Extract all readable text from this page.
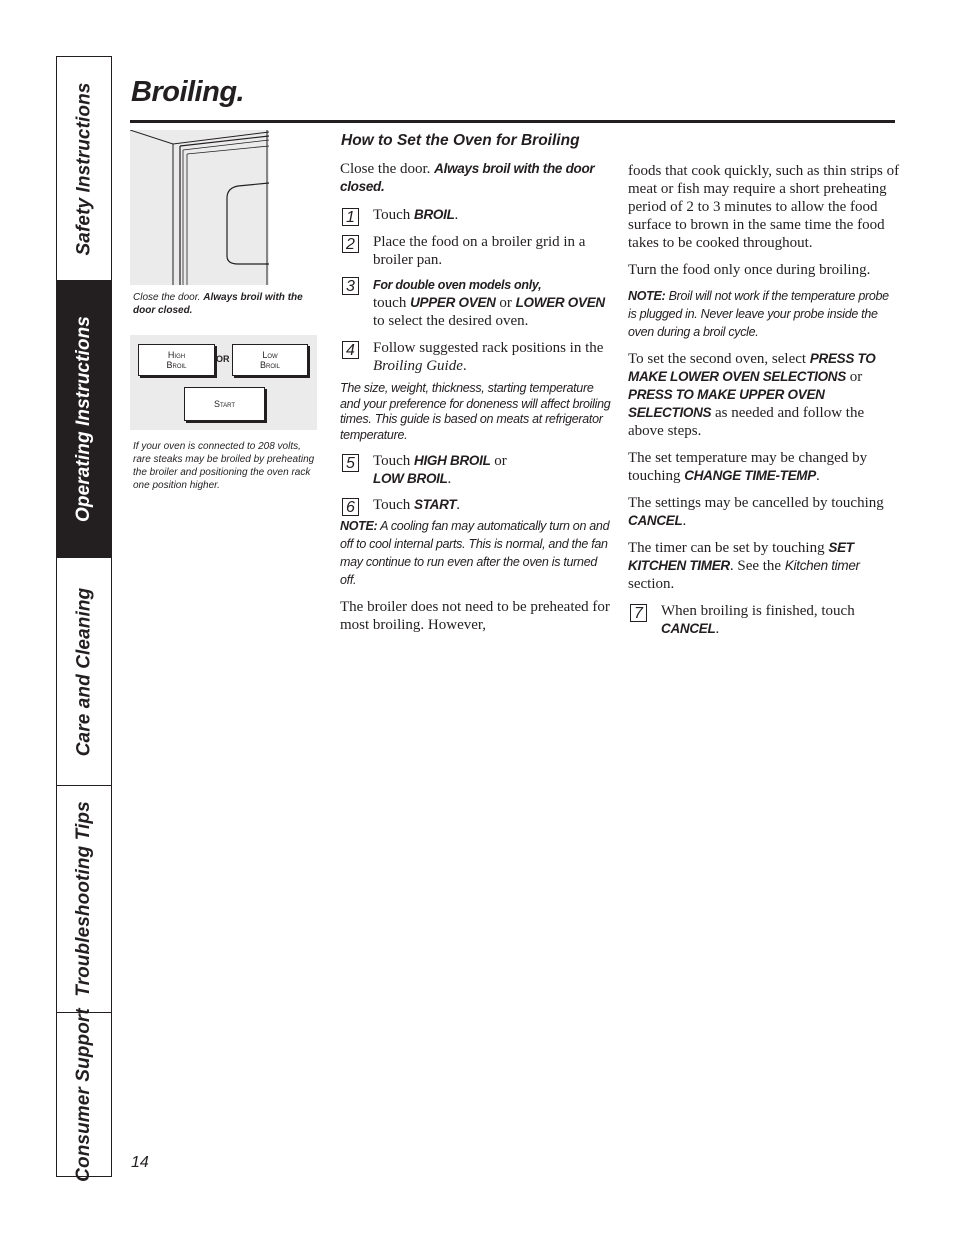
Safety Instructions
Operating Instructions
Care and Cleaning
Troubleshooting Tips
Consumer Support
Broiling.
Close the door. Always broil with the door closed.
High
Broil
OR	Low
Broil
Start
If your oven is connected to 208 volts, rare steaks may be broiled by preheating the broiler and positioning the oven rack one position higher.

How to Set the Oven for Broiling

Close the door. Always broil with the door closed.

1 Touch BROIL.

2 Place the food on a broiler grid in a broiler pan.

3	For double oven models only,
touch UPPER OVEN or LOWER OVEN
to select the desired oven.

4 Follow suggested rack positions in the Broiling Guide.

The size, weight, thickness, starting temperature and your preference for doneness will affect broiling times. This guide is based on meats at refrigerator temperature.

5 Touch HIGH BROIL or
LOW BROIL.

6 Touch START.

NOTE: A cooling fan may automatically turn on and off to cool internal parts. This is normal, and the fan may continue to run even after the oven is turned off.

The broiler does not need to be preheated for most broiling. However,

foods that cook quickly, such as thin strips of meat or fish may require a short preheating period of 2 to 3 minutes to allow the food surface to brown in the same time the food takes to be cooked throughout.

Turn the food only once during broiling.

NOTE: Broil will not work if the temperature probe is plugged in. Never leave your probe inside the oven during a broil cycle.

To set the second oven, select PRESS TO MAKE LOWER OVEN SELECTIONS or PRESS TO MAKE UPPER OVEN SELECTIONS as needed and follow the above steps.

The set temperature may be changed by touching CHANGE TIME-TEMP.

The settings may be cancelled by touching CANCEL.

The timer can be set by touching SET KITCHEN TIMER. See the Kitchen timer section.

7 When broiling is finished, touch CANCEL.

14
